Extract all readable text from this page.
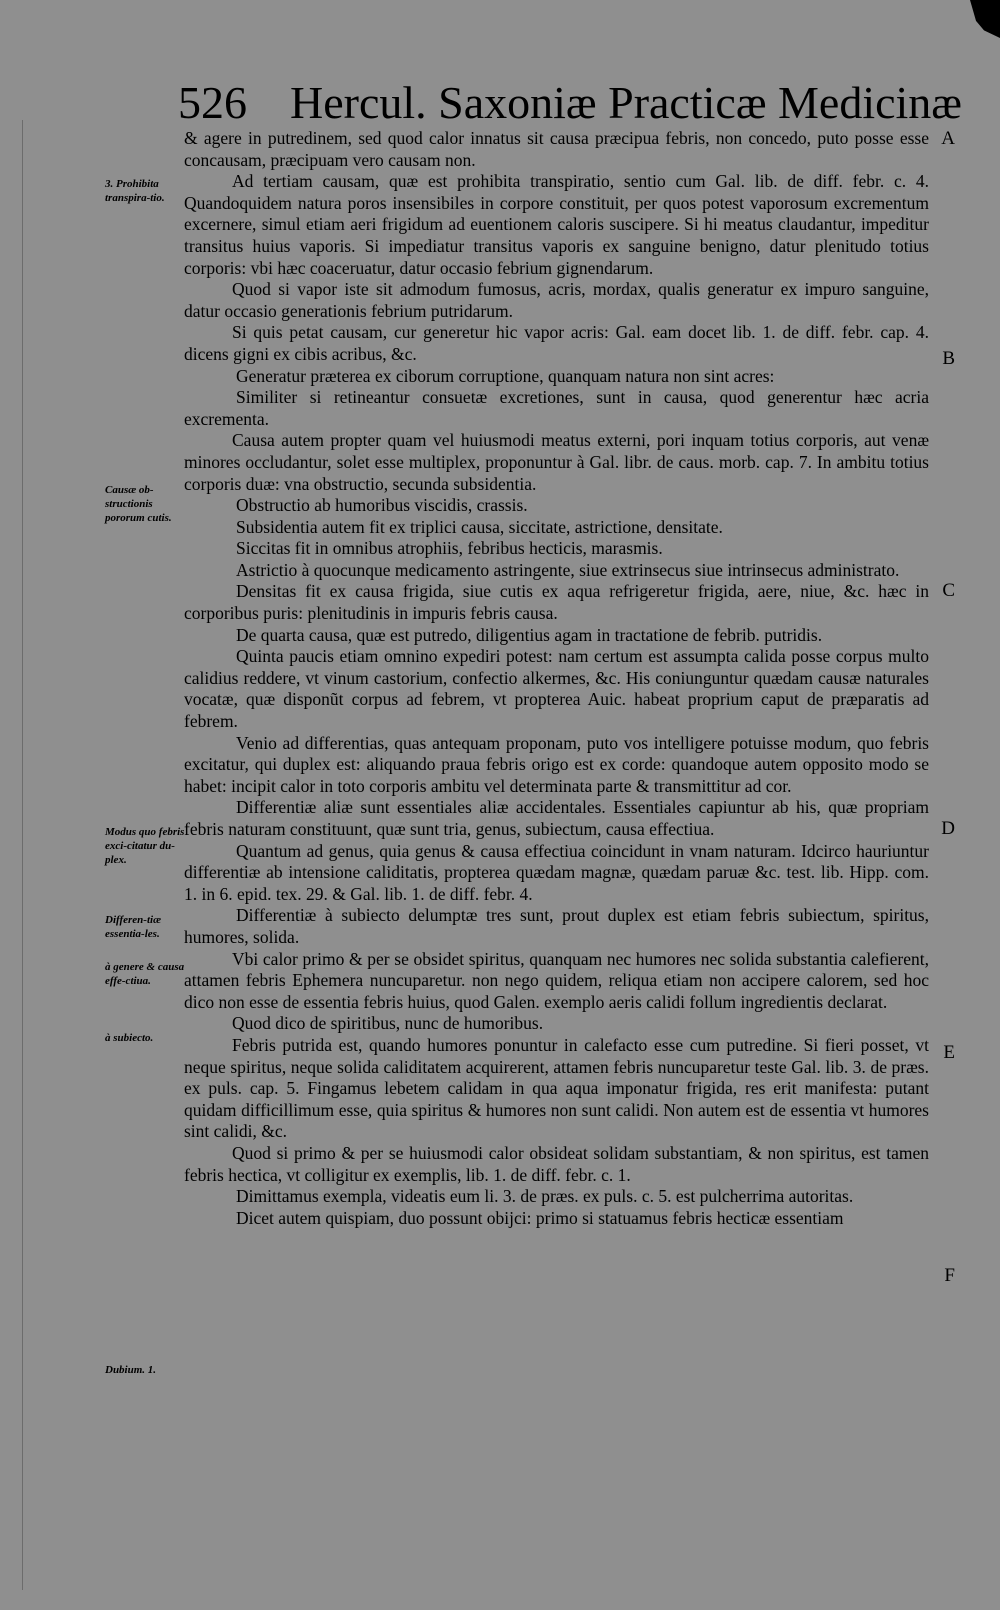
526 Hercul. Saxoniæ Practicæ Medicinæ
3. Prohibita transpira-tio.
Causæ ob-structionis pororum cutis.
Modus quo febris exci-citatur du-plex.
Differen-tiæ essentia-les.
à genere & causa effe-ctiua.
à subiecto.
Dubium. 1.
A
B
C
D
E
F

& agere in putredinem, sed quod calor innatus sit causa præcipua febris, non concedo, puto posse esse concausam, præcipuam vero causam non.

Ad tertiam causam, quæ est prohibita transpiratio, sentio cum Gal. lib. de diff. febr. c. 4. Quandoquidem natura poros insensibiles in corpore constituit, per quos potest vaporosum excrementum excernere, simul etiam aeri frigidum ad euentionem caloris suscipere. Si hi meatus claudantur, impeditur transitus huius vaporis. Si impediatur transitus vaporis ex sanguine benigno, datur plenitudo totius corporis: vbi hæc coaceruatur, datur occasio febrium gignendarum.

Quod si vapor iste sit admodum fumosus, acris, mordax, qualis generatur ex impuro sanguine, datur occasio generationis febrium putridarum.

Si quis petat causam, cur generetur hic vapor acris: Gal. eam docet lib. 1. de diff. febr. cap. 4. dicens gigni ex cibis acribus, &c.

Generatur præterea ex ciborum corruptione, quanquam natura non sint acres:

Similiter si retineantur consuetæ excretiones, sunt in causa, quod generentur hæc acria excrementa.

Causa autem propter quam vel huiusmodi meatus externi, pori inquam totius corporis, aut venæ minores occludantur, solet esse multiplex, proponuntur à Gal. libr. de caus. morb. cap. 7. In ambitu totius corporis duæ: vna obstructio, secunda subsidentia.

Obstructio ab humoribus viscidis, crassis.

Subsidentia autem fit ex triplici causa, siccitate, astrictione, densitate.

Siccitas fit in omnibus atrophiis, febribus hecticis, marasmis.

Astrictio à quocunque medicamento astringente, siue extrinsecus siue intrinsecus administrato.

Densitas fit ex causa frigida, siue cutis ex aqua refrigeretur frigida, aere, niue, &c. hæc in corporibus puris: plenitudinis in impuris febris causa.

De quarta causa, quæ est putredo, diligentius agam in tractatione de febrib. putridis.

Quinta paucis etiam omnino expediri potest: nam certum est assumpta calida posse corpus multo calidius reddere, vt vinum castorium, confectio alkermes, &c. His coniunguntur quædam causæ naturales vocatæ, quæ disponũt corpus ad febrem, vt propterea Auic. habeat proprium caput de præparatis ad febrem.

Venio ad differentias, quas antequam proponam, puto vos intelligere potuisse modum, quo febris excitatur, qui duplex est: aliquando praua febris origo est ex corde: quandoque autem opposito modo se habet: incipit calor in toto corporis ambitu vel determinata parte & transmittitur ad cor.

Differentiæ aliæ sunt essentiales aliæ accidentales. Essentiales capiuntur ab his, quæ propriam febris naturam constituunt, quæ sunt tria, genus, subiectum, causa effectiua.

Quantum ad genus, quia genus & causa effectiua coincidunt in vnam naturam. Idcirco hauriuntur differentiæ ab intensione caliditatis, propterea quædam magnæ, quædam paruæ &c. test. lib. Hipp. com. 1. in 6. epid. tex. 29. & Gal. lib. 1. de diff. febr. 4.

Differentiæ à subiecto delumptæ tres sunt, prout duplex est etiam febris subiectum, spiritus, humores, solida.

Vbi calor primo & per se obsidet spiritus, quanquam nec humores nec solida substantia calefierent, attamen febris Ephemera nuncuparetur. non nego quidem, reliqua etiam non accipere calorem, sed hoc dico non esse de essentia febris huius, quod Galen. exemplo aeris calidi follum ingredientis declarat.

Quod dico de spiritibus, nunc de humoribus.

Febris putrida est, quando humores ponuntur in calefacto esse cum putredine. Si fieri posset, vt neque spiritus, neque solida caliditatem acquirerent, attamen febris nuncuparetur teste Gal. lib. 3. de præs. ex puls. cap. 5. Fingamus lebetem calidam in qua aqua imponatur frigida, res erit manifesta: putant quidam difficillimum esse, quia spiritus & humores non sunt calidi. Non autem est de essentia vt humores sint calidi, &c.

Quod si primo & per se huiusmodi calor obsideat solidam substantiam, & non spiritus, est tamen febris hectica, vt colligitur ex exemplis, lib. 1. de diff. febr. c. 1.

Dimittamus exempla, videatis eum li. 3. de præs. ex puls. c. 5. est pulcherrima autoritas.

Dicet autem quispiam, duo possunt obijci: primo si statuamus febris hecticæ essentiam
